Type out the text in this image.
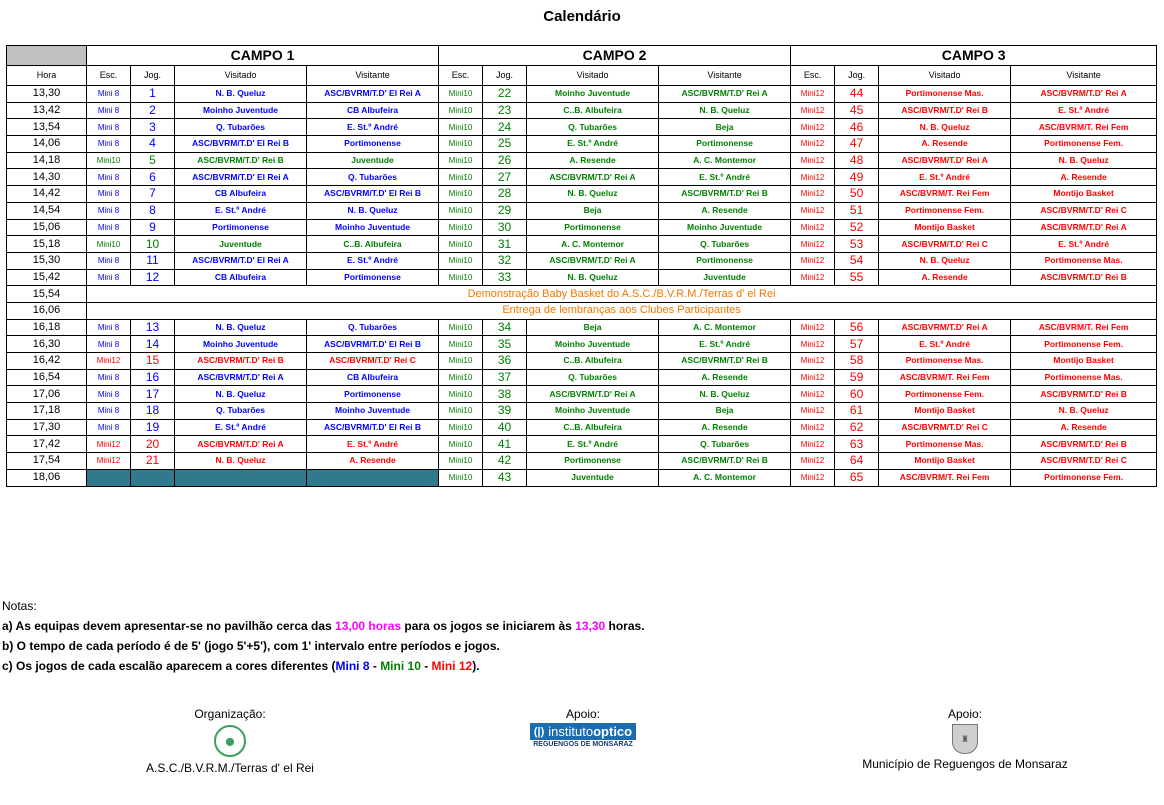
Calendário
	CAMPO 1				CAMPO 2				CAMPO 3			
Hora	Esc.	Jog.	Visitado	Visitante	Esc.	Jog.	Visitado	Visitante	Esc.	Jog.	Visitado	Visitante
13,30	Mini 8	1	N. B. Queluz	ASC/BVRM/T.D' El Rei A	Mini10	22	Moinho Juventude	ASC/BVRM/T.D' Rei A	Mini12	44	Portimonense Mas.	ASC/BVRM/T.D' Rei A
13,42	Mini 8	2	Moinho Juventude	CB Albufeira	Mini10	23	C..B. Albufeira	N. B. Queluz	Mini12	45	ASC/BVRM/T.D' Rei B	E. St.º André
13,54	Mini 8	3	Q. Tubarões	E. St.º André	Mini10	24	Q. Tubarões	Beja	Mini12	46	N. B. Queluz	ASC/BVRM/T. Rei Fem
14,06	Mini 8	4	ASC/BVRM/T.D' El Rei B	Portimonense	Mini10	25	E. St.º André	Portimonense	Mini12	47	A. Resende	Portimonense Fem.
14,18	Mini10	5	ASC/BVRM/T.D' Rei B	Juventude	Mini10	26	A. Resende	A. C. Montemor	Mini12	48	ASC/BVRM/T.D' Rei A	N. B. Queluz
14,30	Mini 8	6	ASC/BVRM/T.D' El Rei A	Q. Tubarões	Mini10	27	ASC/BVRM/T.D' Rei A	E. St.º André	Mini12	49	E. St.º André	A. Resende
14,42	Mini 8	7	CB Albufeira	ASC/BVRM/T.D' El Rei B	Mini10	28	N. B. Queluz	ASC/BVRM/T.D' Rei B	Mini12	50	ASC/BVRM/T. Rei Fem	Montijo Basket
14,54	Mini 8	8	E. St.º André	N. B. Queluz	Mini10	29	Beja	A. Resende	Mini12	51	Portimonense Fem.	ASC/BVRM/T.D' Rei C
15,06	Mini 8	9	Portimonense	Moinho Juventude	Mini10	30	Portimonense	Moinho Juventude	Mini12	52	Montijo Basket	ASC/BVRM/T.D' Rei A
15,18	Mini10	10	Juventude	C..B. Albufeira	Mini10	31	A. C. Montemor	Q. Tubarões	Mini12	53	ASC/BVRM/T.D' Rei C	E. St.º André
15,30	Mini 8	11	ASC/BVRM/T.D' El Rei A	E. St.º André	Mini10	32	ASC/BVRM/T.D' Rei A	Portimonense	Mini12	54	N. B. Queluz	Portimonense Mas.
15,42	Mini 8	12	CB Albufeira	Portimonense	Mini10	33	N. B. Queluz	Juventude	Mini12	55	A. Resende	ASC/BVRM/T.D' Rei B
15,54	Demonstração Baby Basket do A.S.C./B.V.R.M./Terras d' el Rei											
16,06	Entrega de lembranças aos Clubes Participantes											
16,18	Mini 8	13	N. B. Queluz	Q. Tubarões	Mini10	34	Beja	A. C. Montemor	Mini12	56	ASC/BVRM/T.D' Rei A	ASC/BVRM/T. Rei Fem
16,30	Mini 8	14	Moinho Juventude	ASC/BVRM/T.D' El Rei B	Mini10	35	Moinho Juventude	E. St.º André	Mini12	57	E. St.º André	Portimonense Fem.
16,42	Mini12	15	ASC/BVRM/T.D' Rei B	ASC/BVRM/T.D' Rei C	Mini10	36	C..B. Albufeira	ASC/BVRM/T.D' Rei B	Mini12	58	Portimonense Mas.	Montijo Basket
16,54	Mini 8	16	ASC/BVRM/T.D' Rei A	CB Albufeira	Mini10	37	Q. Tubarões	A. Resende	Mini12	59	ASC/BVRM/T. Rei Fem	Portimonense Mas.
17,06	Mini 8	17	N. B. Queluz	Portimonense	Mini10	38	ASC/BVRM/T.D' Rei A	N. B. Queluz	Mini12	60	Portimonense Fem.	ASC/BVRM/T.D' Rei B
17,18	Mini 8	18	Q. Tubarões	Moinho Juventude	Mini10	39	Moinho Juventude	Beja	Mini12	61	Montijo Basket	N. B. Queluz
17,30	Mini 8	19	E. St.º André	ASC/BVRM/T.D' El Rei B	Mini10	40	C..B. Albufeira	A. Resende	Mini12	62	ASC/BVRM/T.D' Rei C	A. Resende
17,42	Mini12	20	ASC/BVRM/T.D' Rei A	E. St.º André	Mini10	41	E. St.º André	Q. Tubarões	Mini12	63	Portimonense Mas.	ASC/BVRM/T.D' Rei B
17,54	Mini12	21	N. B. Queluz	A. Resende	Mini10	42	Portimonense	ASC/BVRM/T.D' Rei B	Mini12	64	Montijo Basket	ASC/BVRM/T.D' Rei C
18,06					Mini10	43	Juventude	A. C. Montemor	Mini12	65	ASC/BVRM/T. Rei Fem	Portimonense Fem.
Notas:
a) As equipas devem apresentar-se no pavilhão cerca das 13,00 horas para os jogos se iniciarem às 13,30 horas.
b) O tempo de cada período é de 5' (jogo 5'+5'), com 1' intervalo entre períodos e jogos.
c) Os jogos de cada escalão aparecem a cores diferentes (Mini 8 - Mini 10 - Mini 12).
Organização:
⬤
A.S.C./B.V.R.M./Terras d' el Rei
Apoio:
(|) instituto optico
REGUENGOS DE MONSARAZ
Apoio:
♜
Município de Reguengos de Monsaraz
